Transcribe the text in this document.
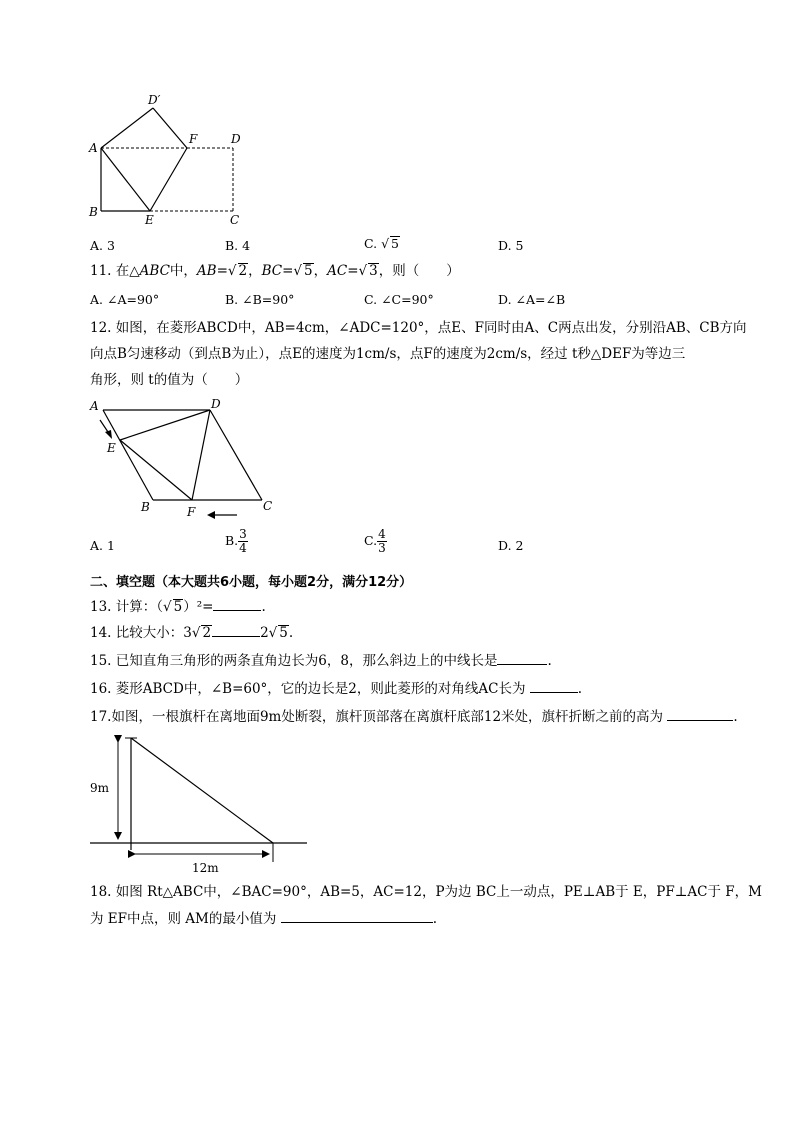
D′
A
F	D
B
E	C
A. 3	B. 4	C. √ 5	D. 5
11. 在△ABC中，AB=√ 2，BC=√ 5，AC=√ 3，则（　　）
A. ∠A=90°	B. ∠B=90°	C. ∠C=90°	D. ∠A=∠B
12. 如图，在菱形ABCD中，AB=4cm，∠ADC=120°，点E、F同时由A、C两点出发，分别沿AB、CB方向
向点B匀速移动（到点B为止），点E的速度为1cm/s，点F的速度为2cm/s，经过 t秒△DEF为等边三
角形，则 t的值为（　　）
A	D
E
B	F	C
A. 1	B. $\frac{3}{4}$	C. $\frac{4}{3}$	D. 2
二、填空题（本大题共6小题，每小题2分，满分12分）
13. 计算：（√ 5）²=	.
14. 比较大小：3√ 2	2√ 5.
15. 已知直角三角形的两条直角边长为6，8，那么斜边上的中线长是	.
16. 菱形ABCD中，∠B=60°，它的边长是2，则此菱形的对角线AC长为	.
17.如图，一根旗杆在离地面9m处断裂，旗杆顶部落在离旗杆底部12米处，旗杆折断之前的高为	.
9m
12m
18. 如图 Rt△ABC中，∠BAC=90°，AB=5，AC=12，P为边 BC上一动点，PE⊥AB于 E，PF⊥AC于 F，M
为 EF中点，则 AM的最小值为	.
